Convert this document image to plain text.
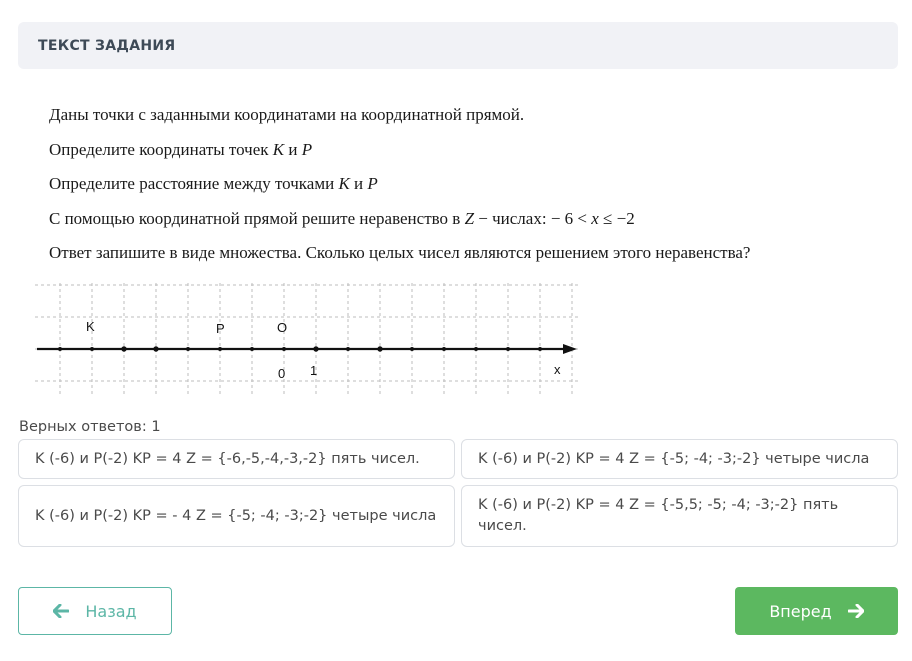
ТЕКСТ ЗАДАНИЯ

Даны точки с заданными координатами на координатной прямой.

Определите координаты точек K и P

Определите расстояние между точками K и P

С помощью координатной прямой решите неравенство в Z − числах: − 6 < x ≤ −2

Ответ запишите в виде множества. Сколько целых чисел являются решением этого неравенства?

K	P	O
0 1	x
Верных ответов: 1
K (-6) и P(-2) KP = 4 Z = {-6,-5,-4,-3,-2} пять чисел.	K (-6) и P(-2) KP = 4 Z = {-5; -4; -3;-2} четыре числа
K (-6) и P(-2) KP = - 4 Z = {-5; -4; -3;-2} четыре числа
K (-6) и P(-2) KP = 4 Z = {-5,5; -5; -4; -3;-2} пять чисел.
Назад	Вперед
